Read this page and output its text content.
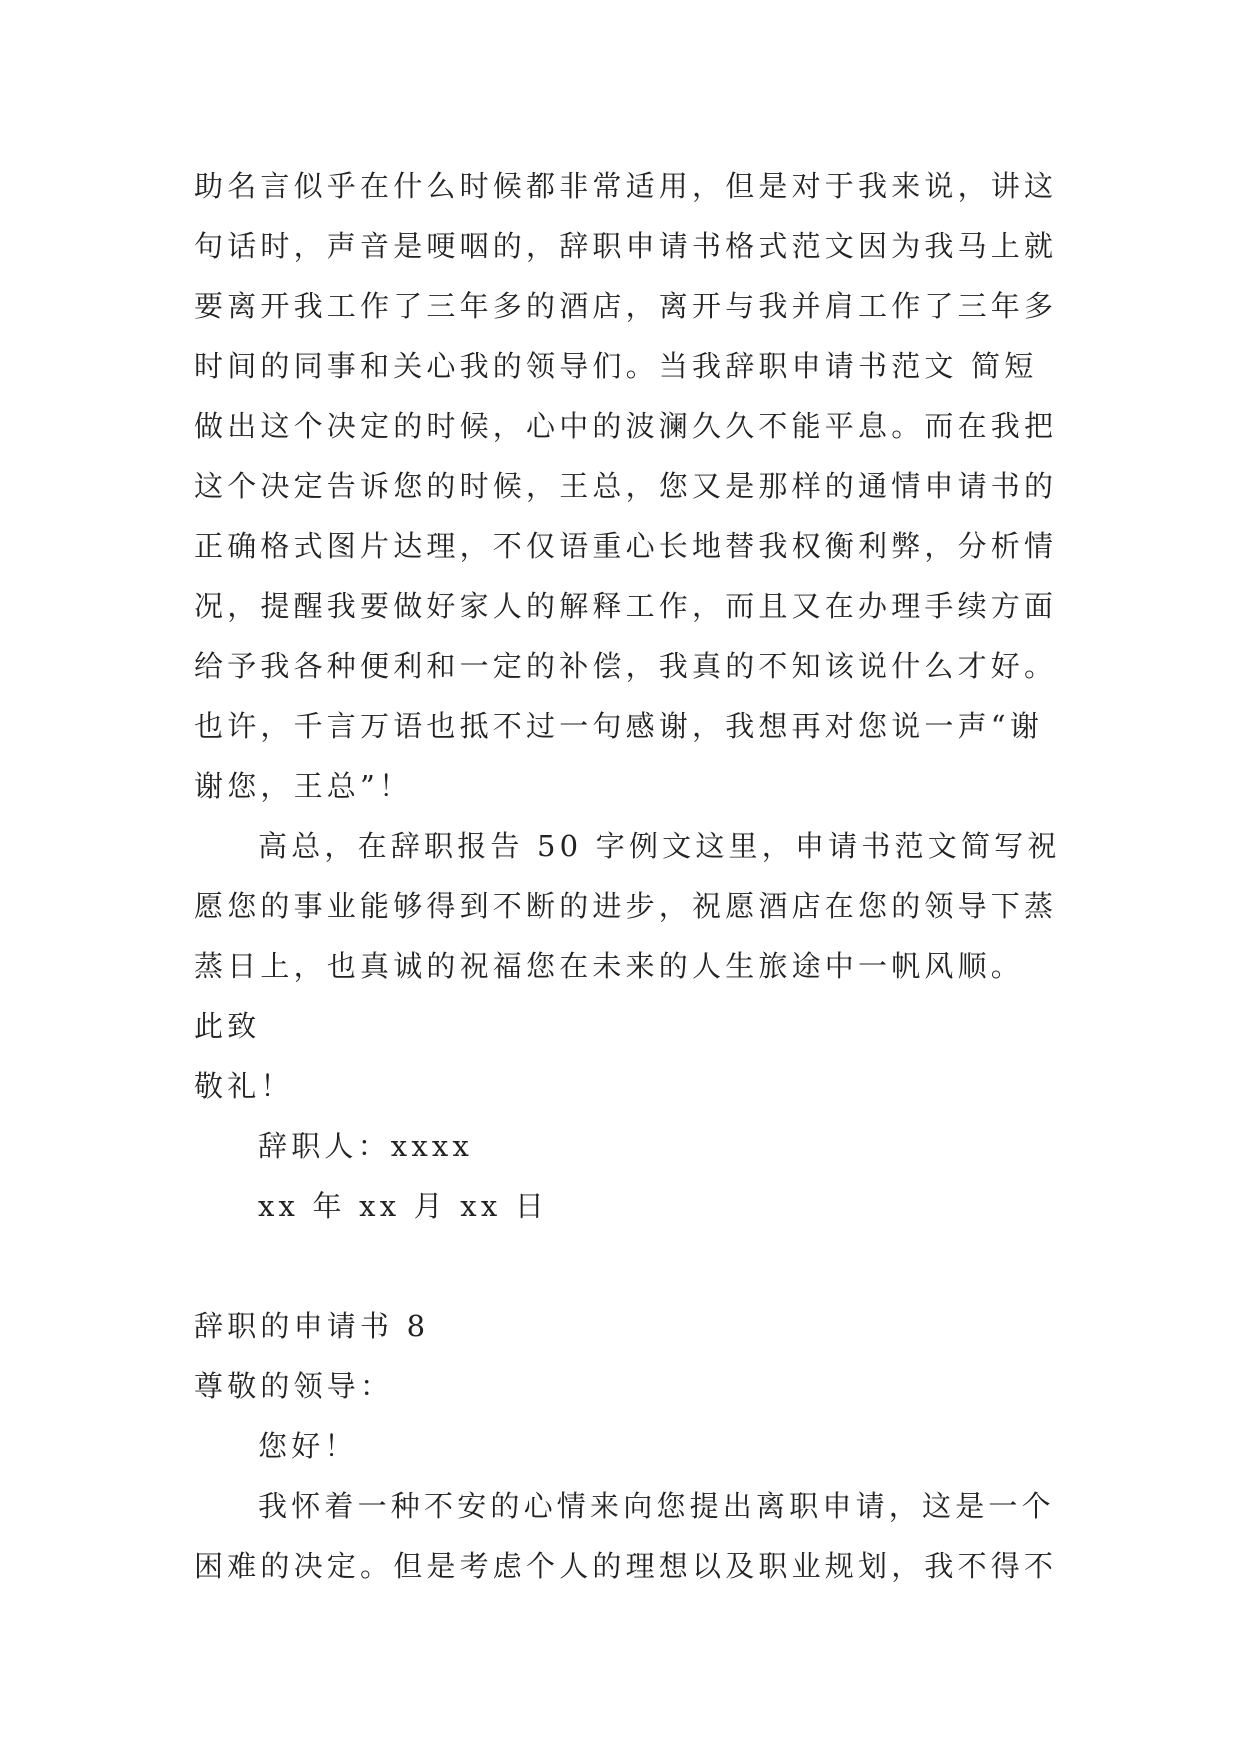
助名言似乎在什么时候都非常适用，但是对于我来说，讲这
句话时，声音是哽咽的，辞职申请书格式范文因为我马上就
要离开我工作了三年多的酒店，离开与我并肩工作了三年多
时间的同事和关心我的领导们。当我辞职申请书范文 简短
做出这个决定的时候，心中的波澜久久不能平息。而在我把
这个决定告诉您的时候，王总，您又是那样的通情申请书的
正确格式图片达理，不仅语重心长地替我权衡利弊，分析情
况，提醒我要做好家人的解释工作，而且又在办理手续方面
给予我各种便利和一定的补偿，我真的不知该说什么才好。
也许，千言万语也抵不过一句感谢，我想再对您说一声“谢
谢您，王总”！
高总，在辞职报告 50 字例文这里，申请书范文简写祝
愿您的事业能够得到不断的进步，祝愿酒店在您的领导下蒸
蒸日上，也真诚的祝福您在未来的人生旅途中一帆风顺。
此致
敬礼！
辞职人：xxxx
xx 年 xx 月 xx 日
辞职的申请书 8
尊敬的领导：
您好！
我怀着一种不安的心情来向您提出离职申请，这是一个
困难的决定。但是考虑个人的理想以及职业规划，我不得不
